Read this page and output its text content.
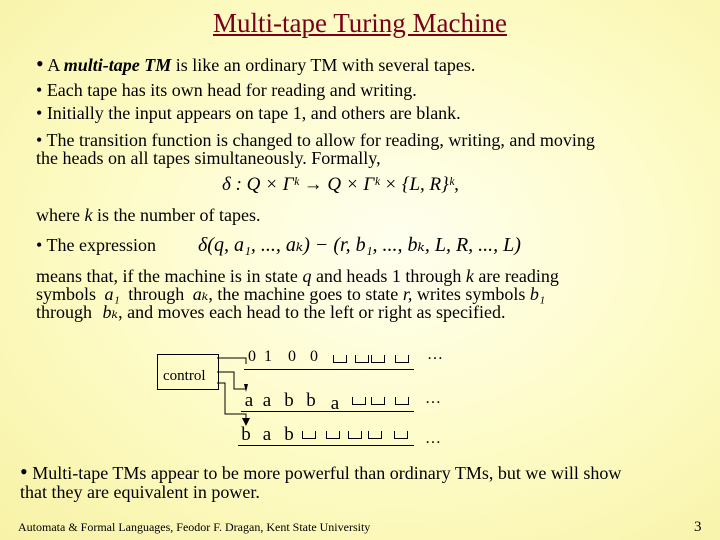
Multi-tape Turing Machine
• A multi-tape TM is like an ordinary TM with several tapes.
• Each tape has its own head for reading and writing.
• Initially the input appears on tape 1, and others are blank.
• The transition function is changed to allow for reading, writing, and moving
the heads on all tapes simultaneously. Formally,
δ : Q × Γᵏ → Q × Γᵏ × {L, R}ᵏ,
where k is the number of tapes.
• The expression δ(q, a₁, ..., aₖ) − (r, b₁, ..., bₖ, L, R, ..., L)
means that, if the machine is in state q and heads 1 through k are reading
symbols a₁ through aₖ, the machine goes to state r, writes symbols b₁
through bₖ, and moves each head to the left or right as specified.
control
0 1 0 0	…
a a b b a	…
b a b	…
• Multi-tape TMs appear to be more powerful than ordinary TMs, but we will show
that they are equivalent in power.
Automata & Formal Languages, Feodor F. Dragan, Kent State University	3
